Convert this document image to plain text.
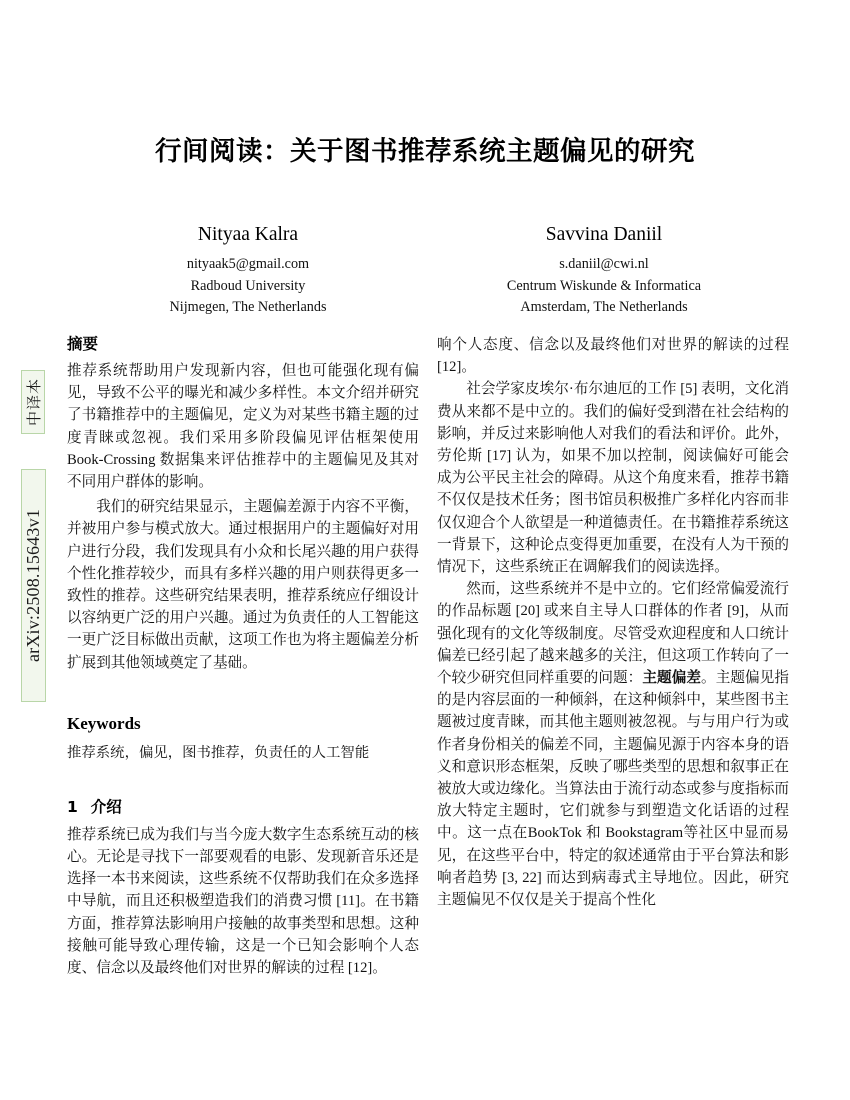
中译本
arXiv:2508.15643v1
行间阅读：关于图书推荐系统主题偏见的研究
Nityaa Kalra
nityaak5@gmail.com
Radboud University
Nijmegen, The Netherlands
Savvina Daniil
s.daniil@cwi.nl
Centrum Wiskunde & Informatica
Amsterdam, The Netherlands
摘要

推荐系统帮助用户发现新内容，但也可能强化现有偏见，导致不公平的曝光和减少多样性。本文介绍并研究了书籍推荐中的主题偏见，定义为对某些书籍主题的过度青睐或忽视。我们采用多阶段偏见评估框架使用 Book-Crossing 数据集来评估推荐中的主题偏见及其对不同用户群体的影响。

我们的研究结果显示，主题偏差源于内容不平衡，并被用户参与模式放大。通过根据用户的主题偏好对用户进行分段，我们发现具有小众和长尾兴趣的用户获得个性化推荐较少，而具有多样兴趣的用户则获得更多一致性的推荐。这些研究结果表明，推荐系统应仔细设计以容纳更广泛的用户兴趣。通过为负责任的人工智能这一更广泛目标做出贡献，这项工作也为将主题偏差分析扩展到其他领域奠定了基础。

Keywords

推荐系统，偏见，图书推荐，负责任的人工智能

1 介绍

推荐系统已成为我们与当今庞大数字生态系统互动的核心。无论是寻找下一部要观看的电影、发现新音乐还是选择一本书来阅读，这些系统不仅帮助我们在众多选择中导航，而且还积极塑造我们的消费习惯 [11]。在书籍方面，推荐算法影响用户接触的故事类型和思想。这种接触可能导致心理传输，这是一个已知会影响个人态度、信念以及最终他们对世界的解读的过程 [12]。

响个人态度、信念以及最终他们对世界的解读的过程 [12]。

社会学家皮埃尔·布尔迪厄的工作 [5] 表明，文化消费从来都不是中立的。我们的偏好受到潜在社会结构的影响，并反过来影响他人对我们的看法和评价。此外，劳伦斯 [17] 认为，如果不加以控制，阅读偏好可能会成为公平民主社会的障碍。从这个角度来看，推荐书籍不仅仅是技术任务；图书馆员积极推广多样化内容而非仅仅迎合个人欲望是一种道德责任。在书籍推荐系统这一背景下，这种论点变得更加重要，在没有人为干预的情况下，这些系统正在调解我们的阅读选择。

然而，这些系统并不是中立的。它们经常偏爱流行的作品标题 [20] 或来自主导人口群体的作者 [9]，从而强化现有的文化等级制度。尽管受欢迎程度和人口统计偏差已经引起了越来越多的关注，但这项工作转向了一个较少研究但同样重要的问题：主题偏差。主题偏见指的是内容层面的一种倾斜，在这种倾斜中，某些图书主题被过度青睐，而其他主题则被忽视。与与用户行为或作者身份相关的偏差不同，主题偏见源于内容本身的语义和意识形态框架，反映了哪些类型的思想和叙事正在被放大或边缘化。当算法由于流行动态或参与度指标而放大特定主题时，它们就参与到塑造文化话语的过程中。这一点在BookTok 和 Bookstagram等社区中显而易见，在这些平台中，特定的叙述通常由于平台算法和影响者趋势 [3, 22] 而达到病毒式主导地位。因此，研究主题偏见不仅仅是关于提高个性化
